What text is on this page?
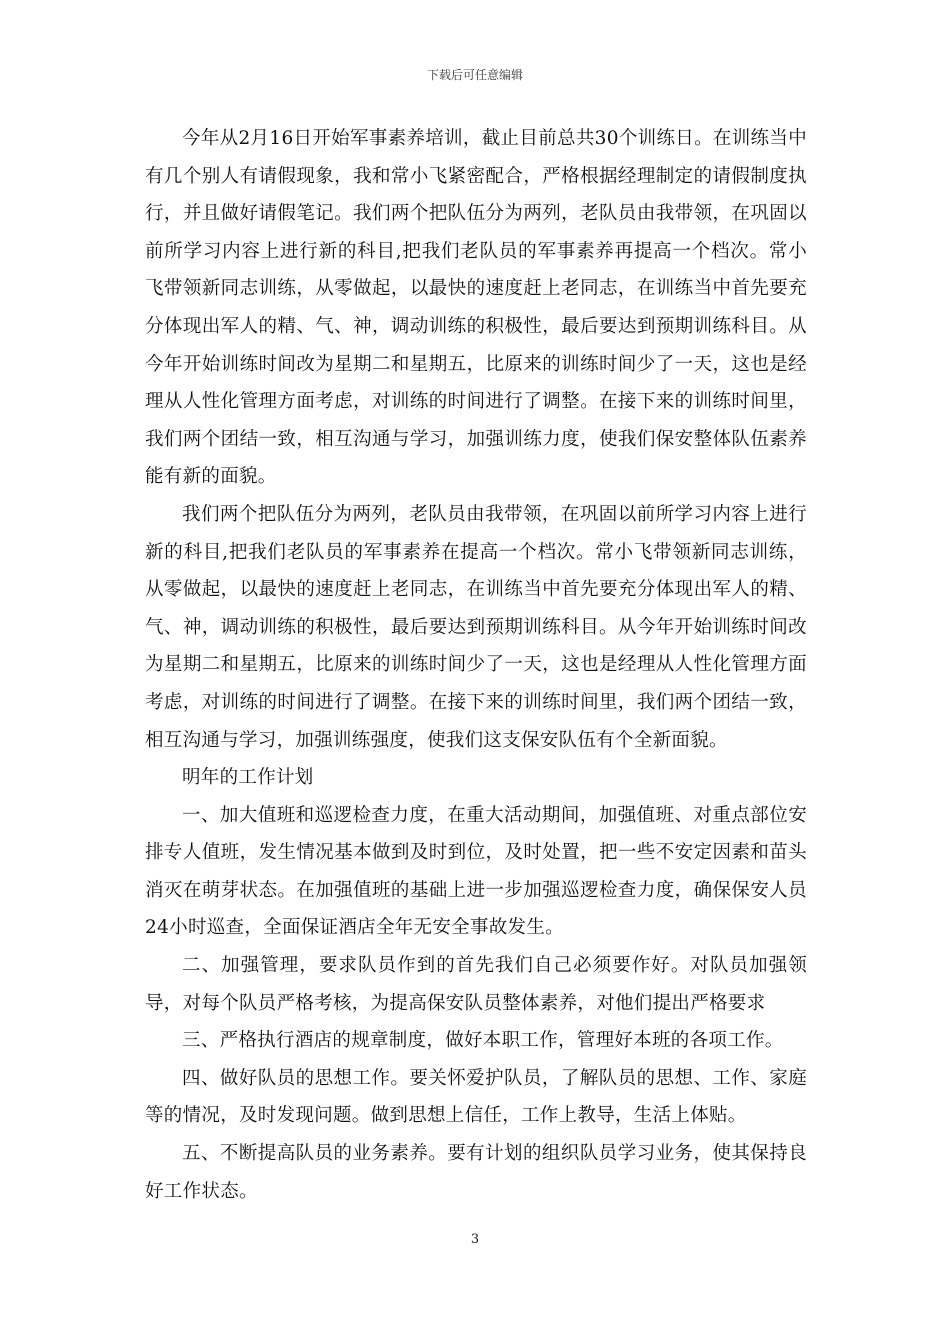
下载后可任意编辑

今年从2月16日开始军事素养培训，截止目前总共30个训练日。在训练当中有几个别人有请假现象，我和常小飞紧密配合，严格根据经理制定的请假制度执行，并且做好请假笔记。我们两个把队伍分为两列，老队员由我带领，在巩固以前所学习内容上进行新的科目,把我们老队员的军事素养再提高一个档次。常小飞带领新同志训练，从零做起，以最快的速度赶上老同志，在训练当中首先要充分体现出军人的精、气、神，调动训练的积极性，最后要达到预期训练科目。从今年开始训练时间改为星期二和星期五，比原来的训练时间少了一天，这也是经理从人性化管理方面考虑，对训练的时间进行了调整。在接下来的训练时间里，我们两个团结一致，相互沟通与学习，加强训练力度，使我们保安整体队伍素养能有新的面貌。

我们两个把队伍分为两列，老队员由我带领，在巩固以前所学习内容上进行新的科目,把我们老队员的军事素养在提高一个档次。常小飞带领新同志训练，从零做起，以最快的速度赶上老同志，在训练当中首先要充分体现出军人的精、气、神，调动训练的积极性，最后要达到预期训练科目。从今年开始训练时间改为星期二和星期五，比原来的训练时间少了一天，这也是经理从人性化管理方面考虑，对训练的时间进行了调整。在接下来的训练时间里，我们两个团结一致，相互沟通与学习，加强训练强度，使我们这支保安队伍有个全新面貌。

明年的工作计划

一、加大值班和巡逻检查力度，在重大活动期间，加强值班、对重点部位安排专人值班，发生情况基本做到及时到位，及时处置，把一些不安定因素和苗头消灭在萌芽状态。在加强值班的基础上进一步加强巡逻检查力度，确保保安人员24小时巡查，全面保证酒店全年无安全事故发生。

二、加强管理，要求队员作到的首先我们自己必须要作好。对队员加强领导，对每个队员严格考核，为提高保安队员整体素养，对他们提出严格要求

三、严格执行酒店的规章制度，做好本职工作，管理好本班的各项工作。

四、做好队员的思想工作。要关怀爱护队员，了解队员的思想、工作、家庭等的情况，及时发现问题。做到思想上信任，工作上教导，生活上体贴。

五、不断提高队员的业务素养。要有计划的组织队员学习业务，使其保持良好工作状态。

3
